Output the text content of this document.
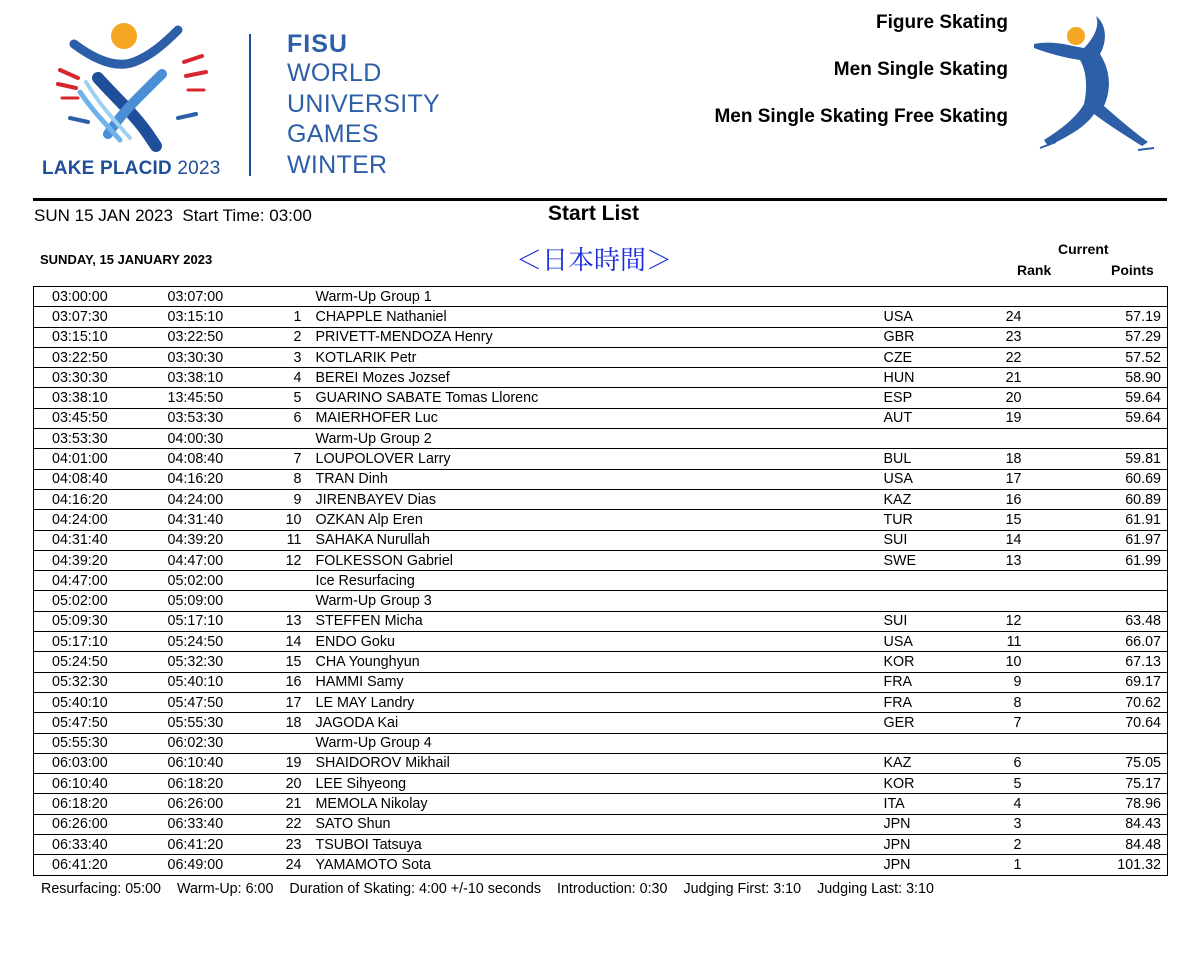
LAKE PLACID 2023
FISU
WORLD
UNIVERSITY
GAMES
WINTER
Figure Skating
Men Single Skating
Men Single Skating Free Skating
SUN 15 JAN 2023  Start Time: 03:00	Start List
＜日本時間＞
SUNDAY, 15 JANUARY 2023
Current
Rank	Points
03:00:00	03:07:00		Warm-Up Group 1			
03:07:30	03:15:10	1	CHAPPLE Nathaniel	USA	24	57.19
03:15:10	03:22:50	2	PRIVETT-MENDOZA Henry	GBR	23	57.29
03:22:50	03:30:30	3	KOTLARIK Petr	CZE	22	57.52
03:30:30	03:38:10	4	BEREI Mozes Jozsef	HUN	21	58.90
03:38:10	13:45:50	5	GUARINO SABATE Tomas Llorenc	ESP	20	59.64
03:45:50	03:53:30	6	MAIERHOFER Luc	AUT	19	59.64
03:53:30	04:00:30		Warm-Up Group 2			
04:01:00	04:08:40	7	LOUPOLOVER Larry	BUL	18	59.81
04:08:40	04:16:20	8	TRAN Dinh	USA	17	60.69
04:16:20	04:24:00	9	JIRENBAYEV Dias	KAZ	16	60.89
04:24:00	04:31:40	10	OZKAN Alp Eren	TUR	15	61.91
04:31:40	04:39:20	11	SAHAKA Nurullah	SUI	14	61.97
04:39:20	04:47:00	12	FOLKESSON Gabriel	SWE	13	61.99
04:47:00	05:02:00		Ice Resurfacing			
05:02:00	05:09:00		Warm-Up Group 3			
05:09:30	05:17:10	13	STEFFEN Micha	SUI	12	63.48
05:17:10	05:24:50	14	ENDO Goku	USA	11	66.07
05:24:50	05:32:30	15	CHA Younghyun	KOR	10	67.13
05:32:30	05:40:10	16	HAMMI Samy	FRA	9	69.17
05:40:10	05:47:50	17	LE MAY Landry	FRA	8	70.62
05:47:50	05:55:30	18	JAGODA Kai	GER	7	70.64
05:55:30	06:02:30		Warm-Up Group 4			
06:03:00	06:10:40	19	SHAIDOROV Mikhail	KAZ	6	75.05
06:10:40	06:18:20	20	LEE Sihyeong	KOR	5	75.17
06:18:20	06:26:00	21	MEMOLA Nikolay	ITA	4	78.96
06:26:00	06:33:40	22	SATO Shun	JPN	3	84.43
06:33:40	06:41:20	23	TSUBOI Tatsuya	JPN	2	84.48
06:41:20	06:49:00	24	YAMAMOTO Sota	JPN	1	101.32
Resurfacing: 05:00 Warm-Up: 6:00 Duration of Skating: 4:00 +/-10 seconds Introduction: 0:30 Judging First: 3:10 Judging Last: 3:10
